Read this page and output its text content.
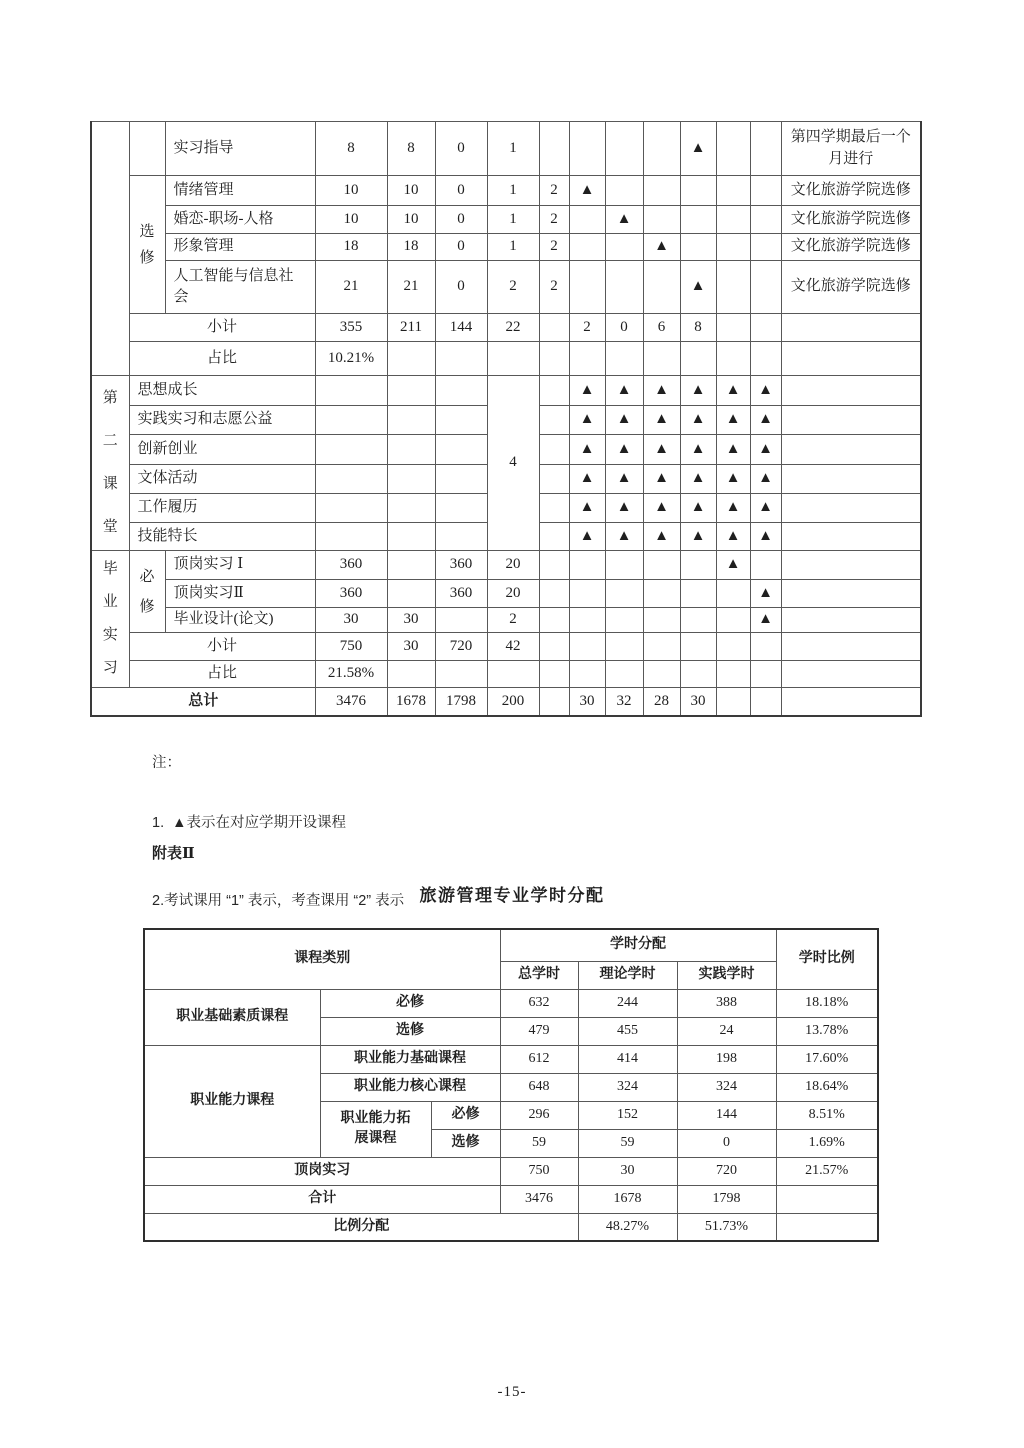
		实习指导	8	8	0	1					▲			第四学期最后一个月进行
	选修	情绪管理	10	10	0	1	2	▲						文化旅游学院选修
		婚恋-职场-人格	10	10	0	1	2		▲					文化旅游学院选修
		形象管理	18	18	0	1	2			▲				文化旅游学院选修
		人工智能与信息社会	21	21	0	2	2				▲			文化旅游学院选修
	小计		355	211	144	22		2	0	6	8			
	占比		10.21%											
第二课堂	思想成长					4		▲	▲	▲	▲	▲	▲	
	实践实习和志愿公益							▲	▲	▲	▲	▲	▲	
	创新创业							▲	▲	▲	▲	▲	▲	
	文体活动							▲	▲	▲	▲	▲	▲	
	工作履历							▲	▲	▲	▲	▲	▲	
	技能特长							▲	▲	▲	▲	▲	▲	
毕业实习	必修	顶岗实习 Ⅰ	360		360	20						▲		
		顶岗实习Ⅱ	360		360	20							▲	
		毕业设计(论文)	30	30		2							▲	
	小计		750	30	720	42								
	占比		21.58%											
总计			3476	1678	1798	200		30	32	28	30			

注：

1.  ▲表示在对应学期开设课程

2.考试课用 “1” 表示，考查课用 “2” 表示

附表Ⅱ
旅游管理专业学时分配
课程类别			学时分配			学时比例
			总学时	理论学时	实践学时	
职业基础素质课程	必修		632	244	388	18.18%
	选修		479	455	24	13.78%
职业能力课程	职业能力基础课程		612	414	198	17.60%
	职业能力核心课程		648	324	324	18.64%
	职业能力拓展课程	必修	296	152	144	8.51%
		选修	59	59	0	1.69%
顶岗实习			750	30	720	21.57%
合计			3476	1678	1798	
比例分配				48.27%	51.73%	
-15-
